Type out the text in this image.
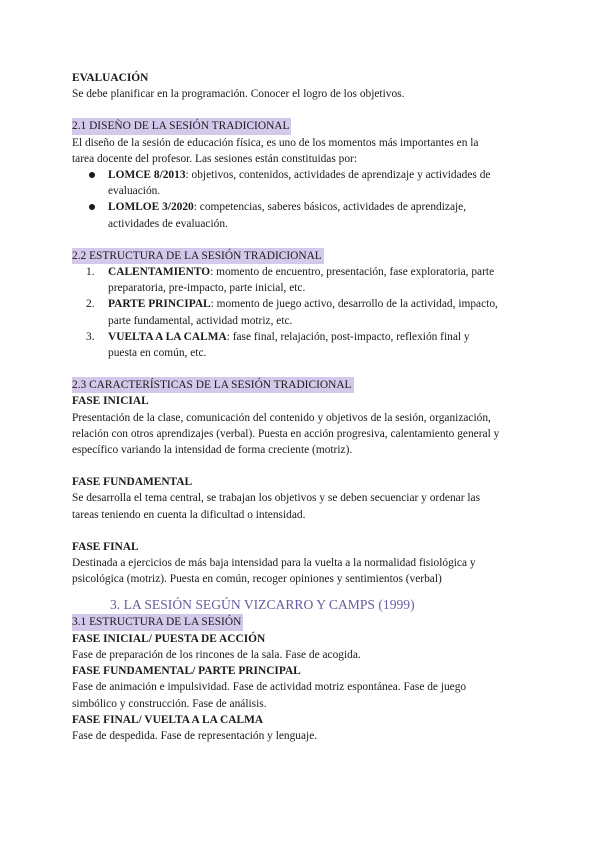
EVALUACIÓN
Se debe planificar en la programación. Conocer el logro de los objetivos.
2.1 DISEÑO DE LA SESIÓN TRADICIONAL
El diseño de la sesión de educación física, es uno de los momentos más importantes en la
tarea docente del profesor. Las sesiones están constituidas por:
LOMCE 8/2013: objetivos, contenidos, actividades de aprendizaje y actividades de
evaluación.
LOMLOE 3/2020: competencias, saberes básicos, actividades de aprendizaje,
actividades de evaluación.
2.2 ESTRUCTURA DE LA SESIÓN TRADICIONAL
1. CALENTAMIENTO: momento de encuentro, presentación, fase exploratoria, parte
preparatoria, pre-impacto, parte inicial, etc.
2. PARTE PRINCIPAL: momento de juego activo, desarrollo de la actividad, impacto,
parte fundamental, actividad motriz, etc.
3. VUELTA A LA CALMA: fase final, relajación, post-impacto, reflexión final y
puesta en común, etc.
2.3 CARACTERÍSTICAS DE LA SESIÓN TRADICIONAL
FASE INICIAL
Presentación de la clase, comunicación del contenido y objetivos de la sesión, organización,
relación con otros aprendizajes (verbal). Puesta en acción progresiva, calentamiento general y
específico variando la intensidad de forma creciente (motriz).
FASE FUNDAMENTAL
Se desarrolla el tema central, se trabajan los objetivos y se deben secuenciar y ordenar las
tareas teniendo en cuenta la dificultad o intensidad.
FASE FINAL
Destinada a ejercicios de más baja intensidad para la vuelta a la normalidad fisiológica y
psicológica (motriz). Puesta en común, recoger opiniones y sentimientos (verbal)
3. LA SESIÓN SEGÚN VIZCARRO Y CAMPS (1999)
3.1 ESTRUCTURA DE LA SESIÓN
FASE INICIAL/ PUESTA DE ACCIÓN
Fase de preparación de los rincones de la sala. Fase de acogida.
FASE FUNDAMENTAL/ PARTE PRINCIPAL
Fase de animación e impulsividad. Fase de actividad motriz espontánea. Fase de juego
simbólico y construcción. Fase de análisis.
FASE FINAL/ VUELTA A LA CALMA
Fase de despedida. Fase de representación y lenguaje.
